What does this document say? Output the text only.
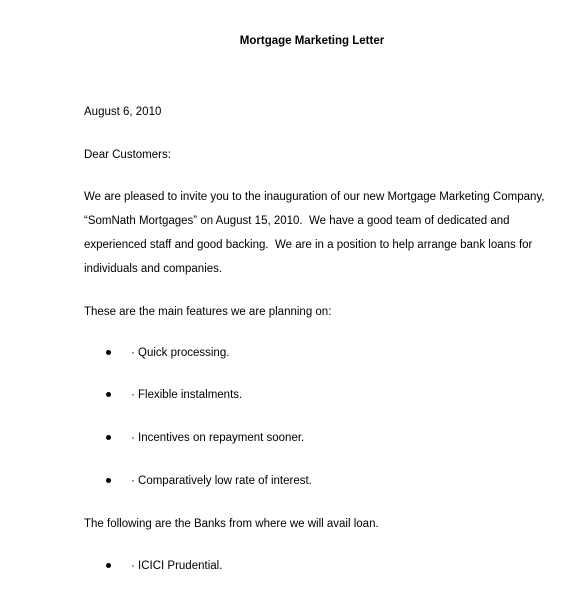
Mortgage Marketing Letter
August 6, 2010
Dear Customers:
We are pleased to invite you to the inauguration of our new Mortgage Marketing Company,
“SomNath Mortgages” on August 15, 2010.  We have a good team of dedicated and
experienced staff and good backing.  We are in a position to help arrange bank loans for
individuals and companies.
These are the main features we are planning on:
· Quick processing.
· Flexible instalments.
· Incentives on repayment sooner.
· Comparatively low rate of interest.
The following are the Banks from where we will avail loan.
· ICICI Prudential.
